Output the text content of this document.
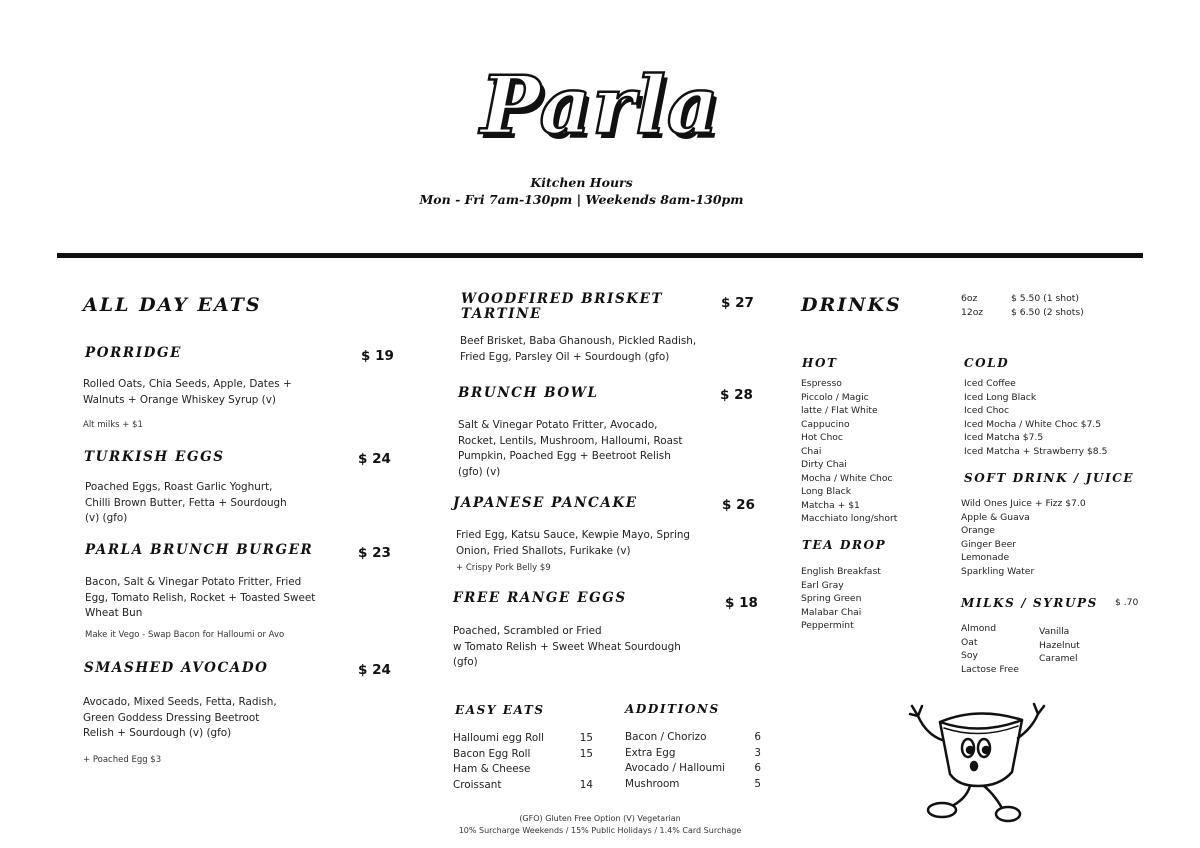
Parla
Kitchen Hours
Mon - Fri 7am-130pm | Weekends 8am-130pm
ALL DAY EATS
PORRIDGE	$ 19
Rolled Oats, Chia Seeds, Apple, Dates +
Walnuts + Orange Whiskey Syrup (v)
Alt milks + $1
TURKISH EGGS	$ 24
Poached Eggs, Roast Garlic Yoghurt,
Chilli Brown Butter, Fetta + Sourdough
(v) (gfo)
PARLA BRUNCH BURGER	$ 23
Bacon, Salt & Vinegar Potato Fritter, Fried
Egg, Tomato Relish, Rocket + Toasted Sweet
Wheat Bun
Make it Vego - Swap Bacon for Halloumi or Avo
SMASHED AVOCADO	$ 24
Avocado, Mixed Seeds, Fetta, Radish,
Green Goddess Dressing Beetroot
Relish + Sourdough (v) (gfo)
+ Poached Egg $3
WOODFIRED BRISKET
TARTINE
$ 27
Beef Brisket, Baba Ghanoush, Pickled Radish,
Fried Egg, Parsley Oil + Sourdough (gfo)
BRUNCH BOWL	$ 28
Salt & Vinegar Potato Fritter, Avocado,
Rocket, Lentils, Mushroom, Halloumi, Roast
Pumpkin, Poached Egg + Beetroot Relish
(gfo) (v)
JAPANESE PANCAKE	$ 26
Fried Egg, Katsu Sauce, Kewpie Mayo, Spring
Onion, Fried Shallots, Furikake (v)
+ Crispy Pork Belly $9
FREE RANGE EGGS	$ 18
Poached, Scrambled or Fried
w Tomato Relish + Sweet Wheat Sourdough
(gfo)
EASY EATS
Halloumi egg Roll	15
Bacon Egg Roll	15
Ham & Cheese
Croissant	14
ADDITIONS
Bacon / Chorizo	6
Extra Egg	3
Avocado / Halloumi	6
Mushroom	5
DRINKS	6oz	$ 5.50 (1 shot)
12oz	$ 6.50 (2 shots)
HOT
Espresso
Piccolo / Magic
latte / Flat White
Cappucino
Hot Choc
Chai
Dirty Chai
Mocha / White Choc
Long Black
Matcha + $1
Macchiato long/short
TEA DROP
English Breakfast
Earl Gray
Spring Green
Malabar Chai
Peppermint
COLD
Iced Coffee
Iced Long Black
Iced Choc
Iced Mocha / White Choc $7.5
Iced Matcha $7.5
Iced Matcha + Strawberry $8.5
SOFT DRINK / JUICE
Wild Ones Juice + Fizz $7.0
Apple & Guava
Orange
Ginger Beer
Lemonade
Sparkling Water
MILKS / SYRUPS $ .70
Almond
Oat
Soy
Lactose Free
Vanilla
Hazelnut
Caramel
(GFO) Gluten Free Option (V) Vegetarian
10% Surcharge Weekends / 15% Public Holidays / 1.4% Card Surchage
